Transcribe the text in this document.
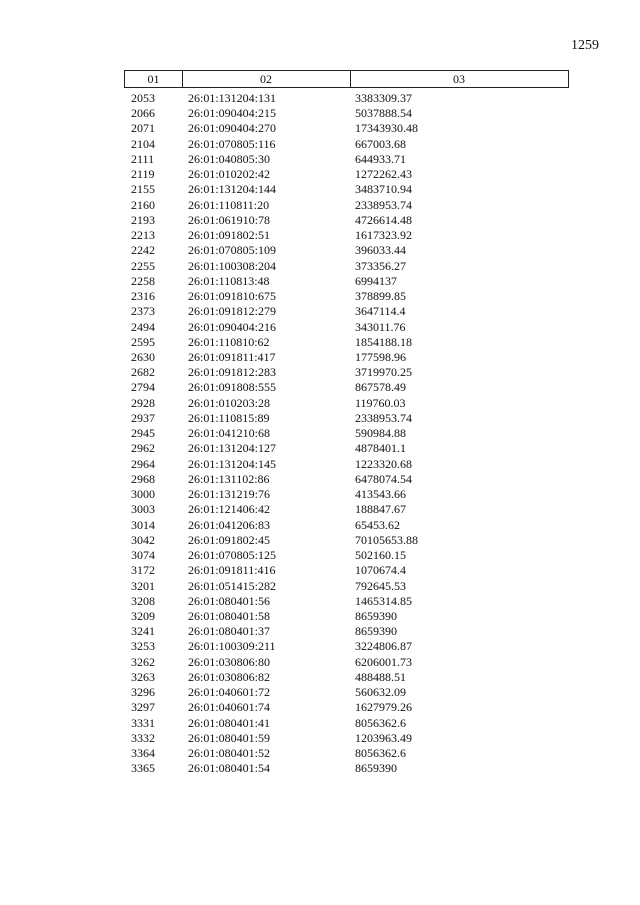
1259
01	02	03
2053	26:01:131204:131	3383309.37
2066	26:01:090404:215	5037888.54
2071	26:01:090404:270	17343930.48
2104	26:01:070805:116	667003.68
2111	26:01:040805:30	644933.71
2119	26:01:010202:42	1272262.43
2155	26:01:131204:144	3483710.94
2160	26:01:110811:20	2338953.74
2193	26:01:061910:78	4726614.48
2213	26:01:091802:51	1617323.92
2242	26:01:070805:109	396033.44
2255	26:01:100308:204	373356.27
2258	26:01:110813:48	6994137
2316	26:01:091810:675	378899.85
2373	26:01:091812:279	3647114.4
2494	26:01:090404:216	343011.76
2595	26:01:110810:62	1854188.18
2630	26:01:091811:417	177598.96
2682	26:01:091812:283	3719970.25
2794	26:01:091808:555	867578.49
2928	26:01:010203:28	119760.03
2937	26:01:110815:89	2338953.74
2945	26:01:041210:68	590984.88
2962	26:01:131204:127	4878401.1
2964	26:01:131204:145	1223320.68
2968	26:01:131102:86	6478074.54
3000	26:01:131219:76	413543.66
3003	26:01:121406:42	188847.67
3014	26:01:041206:83	65453.62
3042	26:01:091802:45	70105653.88
3074	26:01:070805:125	502160.15
3172	26:01:091811:416	1070674.4
3201	26:01:051415:282	792645.53
3208	26:01:080401:56	1465314.85
3209	26:01:080401:58	8659390
3241	26:01:080401:37	8659390
3253	26:01:100309:211	3224806.87
3262	26:01:030806:80	6206001.73
3263	26:01:030806:82	488488.51
3296	26:01:040601:72	560632.09
3297	26:01:040601:74	1627979.26
3331	26:01:080401:41	8056362.6
3332	26:01:080401:59	1203963.49
3364	26:01:080401:52	8056362.6
3365	26:01:080401:54	8659390
